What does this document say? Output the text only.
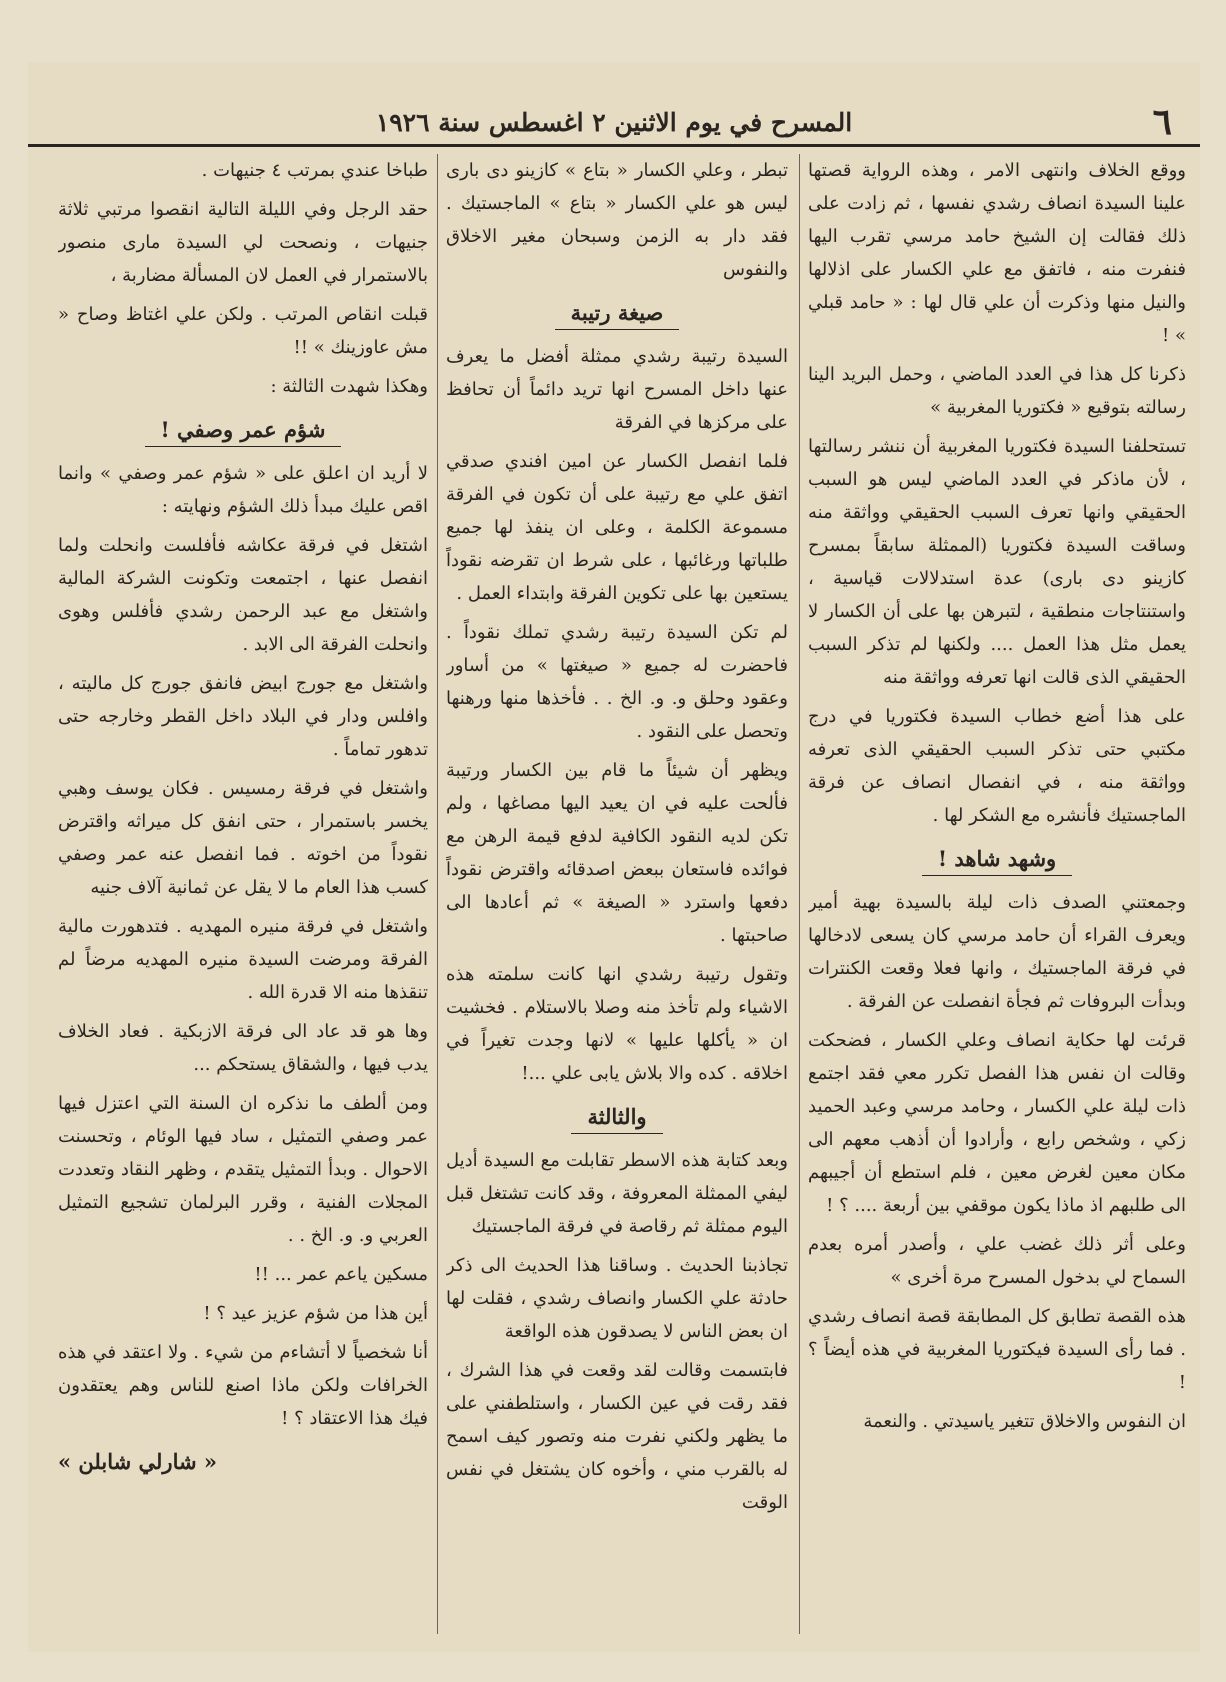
٦
المسرح في يوم الاثنين ٢ اغسطس سنة ١٩٢٦

ووقع الخلاف وانتهى الامر ، وهذه الرواية قصتها علينا السيدة انصاف رشدي نفسها ، ثم زادت على ذلك فقالت إن الشيخ حامد مرسي تقرب اليها فنفرت منه ، فاتفق مع علي الكسار على اذلالها والنيل منها وذكرت أن علي قال لها : « حامد قبلي » !

ذكرنا كل هذا في العدد الماضي ، وحمل البريد الينا رسالته بتوقيع « فكتوريا المغربية »

تستحلفنا السيدة فكتوريا المغربية أن ننشر رسالتها ، لأن ماذكر في العدد الماضي ليس هو السبب الحقيقي وانها تعرف السبب الحقيقي وواثقة منه وساقت السيدة فكتوريا (الممثلة سابقاً بمسرح كازينو دى بارى) عدة استدلالات قياسية ، واستنتاجات منطقية ، لتبرهن بها على أن الكسار لا يعمل مثل هذا العمل .... ولكنها لم تذكر السبب الحقيقي الذى قالت انها تعرفه وواثقة منه

على هذا أضع خطاب السيدة فكتوريا في درج مكتبي حتى تذكر السبب الحقيقي الذى تعرفه وواثقة منه ، في انفصال انصاف عن فرقة الماجستيك فأنشره مع الشكر لها .

وشهد شاهد !

وجمعتني الصدف ذات ليلة بالسيدة بهية أمير ويعرف القراء أن حامد مرسي كان يسعى لادخالها في فرقة الماجستيك ، وانها فعلا وقعت الكنترات وبدأت البروفات ثم فجأة انفصلت عن الفرقة .

قرئت لها حكاية انصاف وعلي الكسار ، فضحكت وقالت ان نفس هذا الفصل تكرر معي فقد اجتمع ذات ليلة علي الكسار ، وحامد مرسي وعبد الحميد زكي ، وشخص رابع ، وأرادوا أن أذهب معهم الى مكان معين لغرض معين ، فلم استطع أن أجيبهم الى طلبهم اذ ماذا يكون موقفي بين أربعة .... ؟ !

وعلى أثر ذلك غضب علي ، وأصدر أمره بعدم السماح لي بدخول المسرح مرة أخرى »

هذه القصة تطابق كل المطابقة قصة انصاف رشدي . فما رأى السيدة فيكتوريا المغربية في هذه أيضاً ؟ !

ان النفوس والاخلاق تتغير ياسيدتي . والنعمة

تبطر ، وعلي الكسار « بتاع » كازينو دى بارى ليس هو علي الكسار « بتاع » الماجستيك . فقد دار به الزمن وسبحان مغير الاخلاق والنفوس

صيغة رتيبة

السيدة رتيبة رشدي ممثلة أفضل ما يعرف عنها داخل المسرح انها تريد دائماً أن تحافظ على مركزها في الفرقة

فلما انفصل الكسار عن امين افندي صدقي اتفق علي مع رتيبة على أن تكون في الفرقة مسموعة الكلمة ، وعلى ان ينفذ لها جميع طلباتها ورغائبها ، على شرط ان تقرضه نقوداً يستعين بها على تكوين الفرقة وابتداء العمل .

لم تكن السيدة رتيبة رشدي تملك نقوداً . فاحضرت له جميع « صيغتها » من أساور وعقود وحلق و. و. الخ . . فأخذها منها ورهنها وتحصل على النقود .

ويظهر أن شيئاً ما قام بين الكسار ورتيبة فألحت عليه في ان يعيد اليها مصاغها ، ولم تكن لديه النقود الكافية لدفع قيمة الرهن مع فوائده فاستعان ببعض اصدقائه واقترض نقوداً دفعها واسترد « الصيغة » ثم أعادها الى صاحبتها .

وتقول رتيبة رشدي انها كانت سلمته هذه الاشياء ولم تأخذ منه وصلا بالاستلام . فخشيت ان « يأكلها عليها » لانها وجدت تغيراً في اخلاقه . كده والا بلاش يابى علي ...!

والثالثة

وبعد كتابة هذه الاسطر تقابلت مع السيدة أديل ليفي الممثلة المعروفة ، وقد كانت تشتغل قبل اليوم ممثلة ثم رقاصة في فرقة الماجستيك

تجاذبنا الحديث . وساقنا هذا الحديث الى ذكر حادثة علي الكسار وانصاف رشدي ، فقلت لها ان بعض الناس لا يصدقون هذه الواقعة

فابتسمت وقالت لقد وقعت في هذا الشرك ، فقد رقت في عين الكسار ، واستلطفني على ما يظهر ولكني نفرت منه وتصور كيف اسمح له بالقرب مني ، وأخوه كان يشتغل في نفس الوقت

طباخا عندي بمرتب ٤ جنيهات .

حقد الرجل وفي الليلة التالية انقصوا مرتبي ثلاثة جنيهات ، ونصحت لي السيدة مارى منصور بالاستمرار في العمل لان المسألة مضاربة ،

قبلت انقاص المرتب . ولكن علي اغتاظ وصاح « مش عاوزينك » !!

وهكذا شهدت الثالثة :

شؤم عمر وصفي !

لا أريد ان اعلق على « شؤم عمر وصفي » وانما اقص عليك مبدأ ذلك الشؤم ونهايته :

اشتغل في فرقة عكاشه فأفلست وانحلت ولما انفصل عنها ، اجتمعت وتكونت الشركة المالية واشتغل مع عبد الرحمن رشدي فأفلس وهوى وانحلت الفرقة الى الابد .

واشتغل مع جورج ابيض فانفق جورج كل ماليته ، وافلس ودار في البلاد داخل القطر وخارجه حتى تدهور تماماً .

واشتغل في فرقة رمسيس . فكان يوسف وهبي يخسر باستمرار ، حتى انفق كل ميراثه واقترض نقوداً من اخوته . فما انفصل عنه عمر وصفي كسب هذا العام ما لا يقل عن ثمانية آلاف جنيه

واشتغل في فرقة منيره المهديه . فتدهورت مالية الفرقة ومرضت السيدة منيره المهديه مرضاً لم تنقذها منه الا قدرة الله .

وها هو قد عاد الى فرقة الازبكية . فعاد الخلاف يدب فيها ، والشقاق يستحكم ...

ومن ألطف ما نذكره ان السنة التي اعتزل فيها عمر وصفي التمثيل ، ساد فيها الوئام ، وتحسنت الاحوال . وبدأ التمثيل يتقدم ، وظهر النقاد وتعددت المجلات الفنية ، وقرر البرلمان تشجيع التمثيل العربي و. و. الخ . .

مسكين ياعم عمر ... !!

أين هذا من شؤم عزيز عيد ؟ !

أنا شخصياً لا أتشاءم من شيء . ولا اعتقد في هذه الخرافات ولكن ماذا اصنع للناس وهم يعتقدون فيك هذا الاعتقاد ؟ !

« شارلي شابلن »
